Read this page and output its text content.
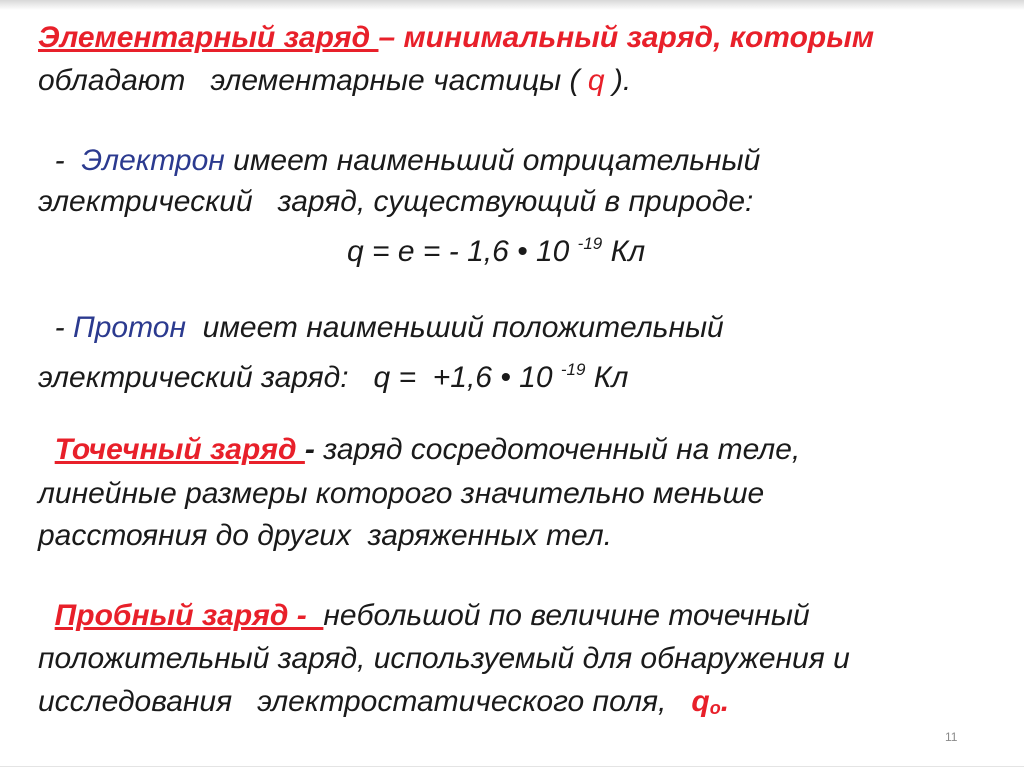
Элементарный заряд – минимальный заряд, которым

обладают   элементарные частицы ( q ).

-  Электрон имеет наименьший отрицательный

электрический   заряд, существующий в природе:

q = е = - 1,6 • 10 $^{-19}$ Кл

- Протон  имеет наименьший положительный

электрический заряд:   q =  +1,6 • 10 $^{-19}$ Кл

Точечный заряд - заряд сосредоточенный на теле,

линейные размеры которого значительно меньше

расстояния до других  заряженных тел.

Пробный заряд -  небольшой по величине точечный

положительный заряд, используемый для обнаружения и

исследования   электростатического поля,   $q_о$.

11
